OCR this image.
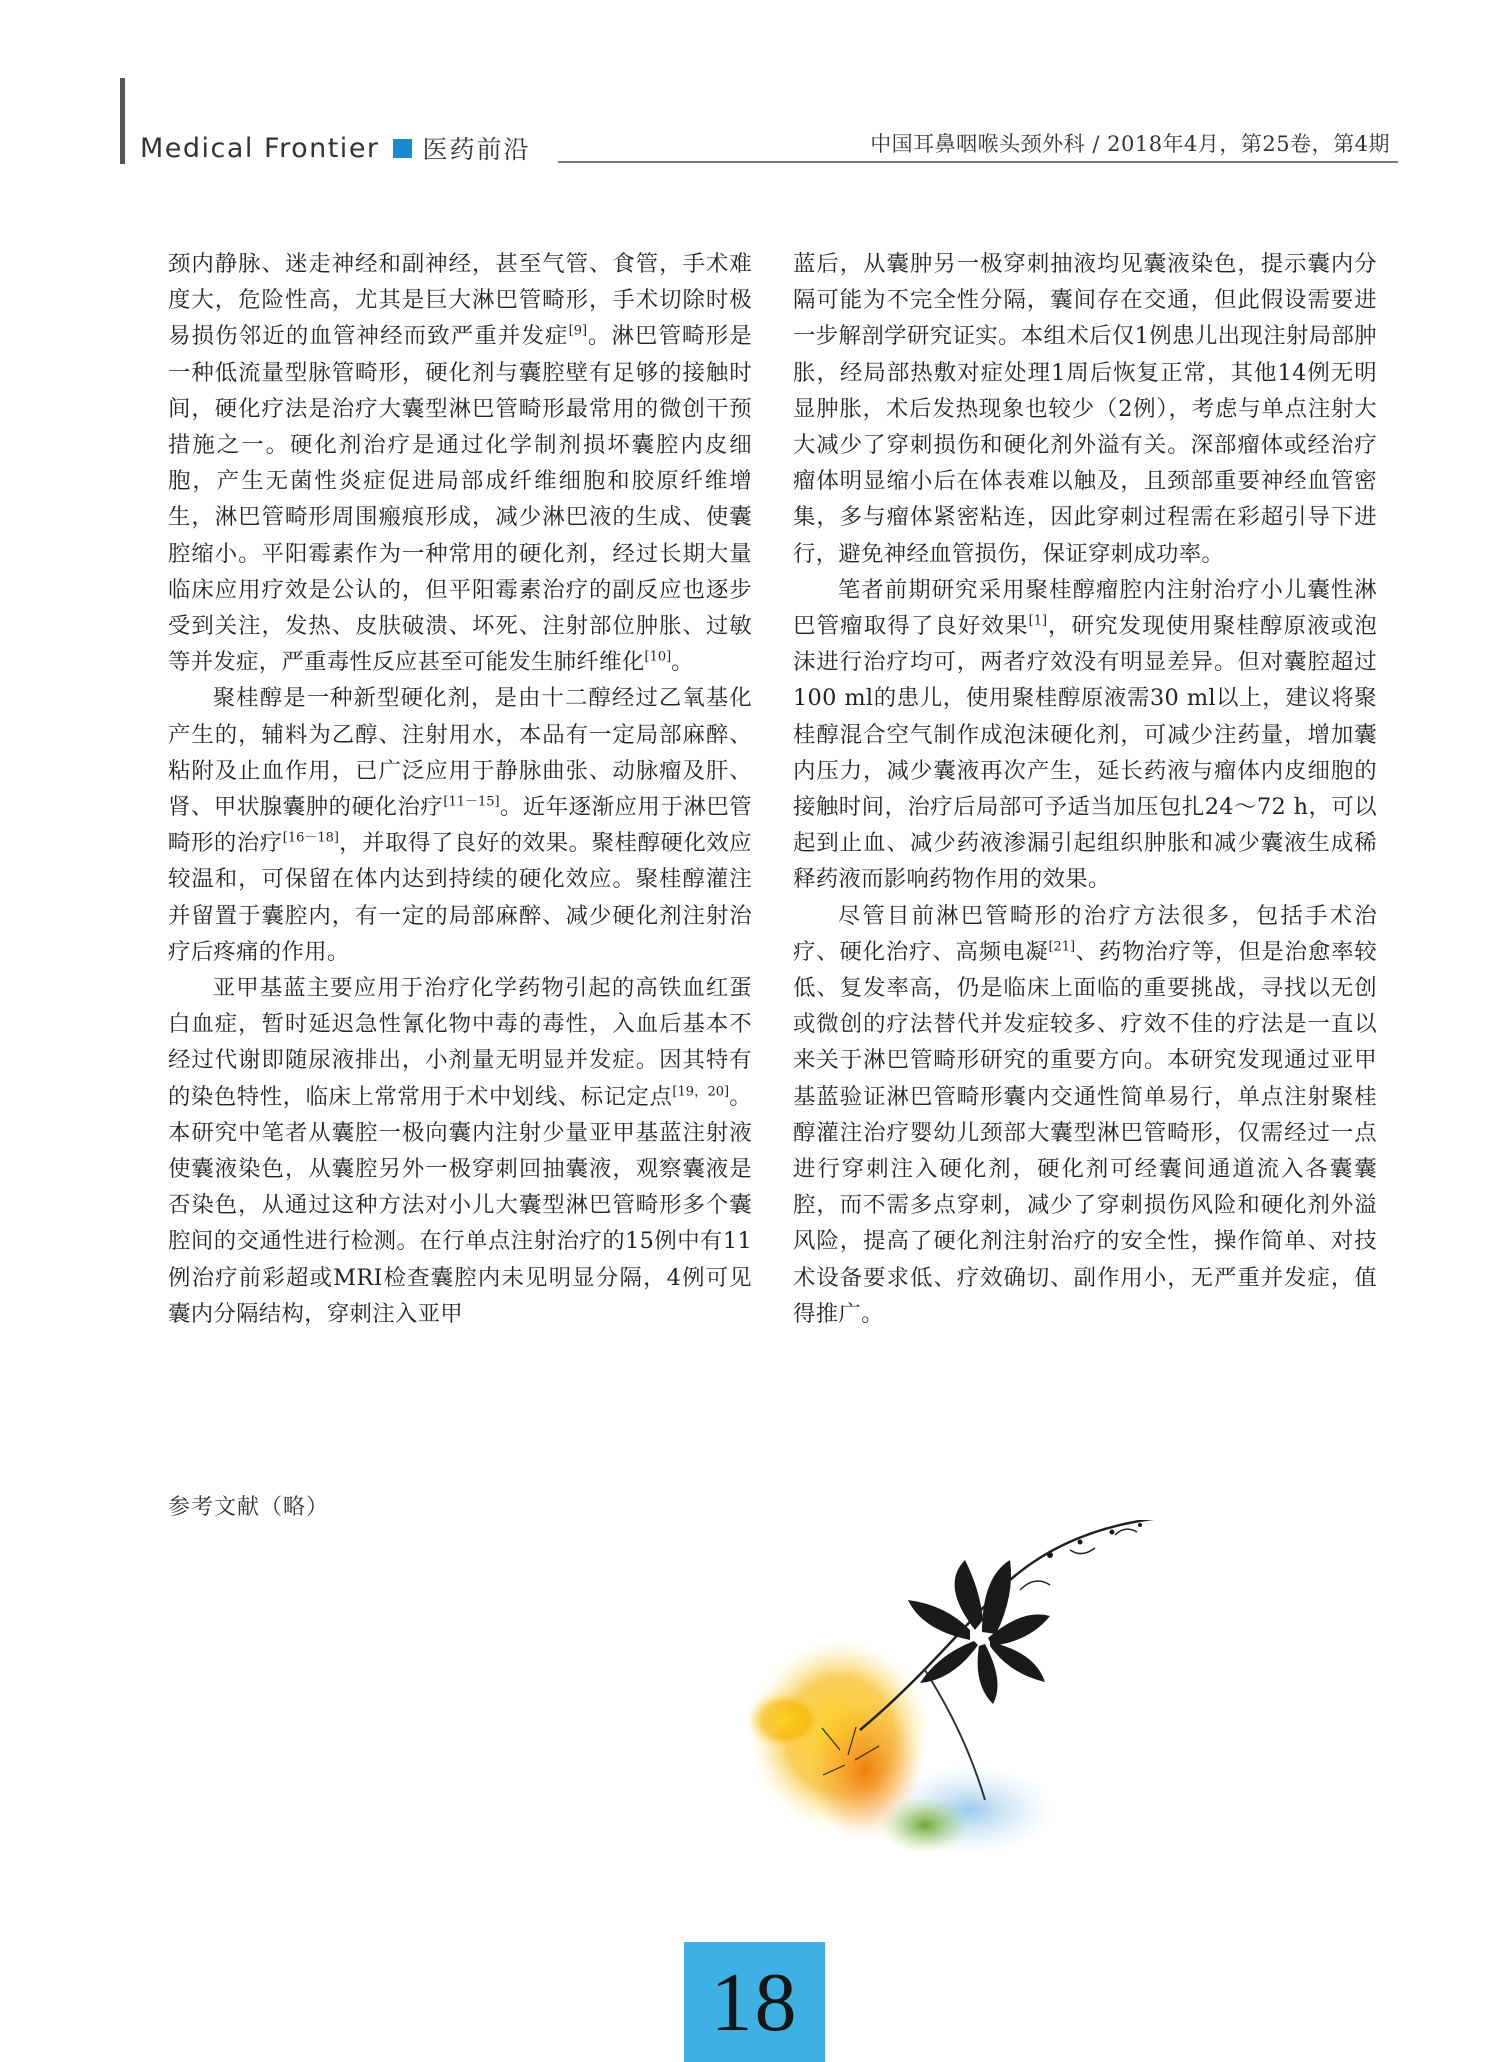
Medical Frontier 医药前沿	中国耳鼻咽喉头颈外科 / 2018年4月，第25卷，第4期

颈内静脉、迷走神经和副神经，甚至气管、食管，手术难度大，危险性高，尤其是巨大淋巴管畸形，手术切除时极易损伤邻近的血管神经而致严重并发症[9]。淋巴管畸形是一种低流量型脉管畸形，硬化剂与囊腔壁有足够的接触时间，硬化疗法是治疗大囊型淋巴管畸形最常用的微创干预措施之一。硬化剂治疗是通过化学制剂损坏囊腔内皮细胞，产生无菌性炎症促进局部成纤维细胞和胶原纤维增生，淋巴管畸形周围瘢痕形成，减少淋巴液的生成、使囊腔缩小。平阳霉素作为一种常用的硬化剂，经过长期大量临床应用疗效是公认的，但平阳霉素治疗的副反应也逐步受到关注，发热、皮肤破溃、坏死、注射部位肿胀、过敏等并发症，严重毒性反应甚至可能发生肺纤维化[10]。

聚桂醇是一种新型硬化剂，是由十二醇经过乙氧基化产生的，辅料为乙醇、注射用水，本品有一定局部麻醉、粘附及止血作用，已广泛应用于静脉曲张、动脉瘤及肝、肾、甲状腺囊肿的硬化治疗[11－15]。近年逐渐应用于淋巴管畸形的治疗[16－18]，并取得了良好的效果。聚桂醇硬化效应较温和，可保留在体内达到持续的硬化效应。聚桂醇灌注并留置于囊腔内，有一定的局部麻醉、减少硬化剂注射治疗后疼痛的作用。

亚甲基蓝主要应用于治疗化学药物引起的高铁血红蛋白血症，暂时延迟急性氰化物中毒的毒性，入血后基本不经过代谢即随尿液排出，小剂量无明显并发症。因其特有的染色特性，临床上常常用于术中划线、标记定点[19，20]。本研究中笔者从囊腔一极向囊内注射少量亚甲基蓝注射液使囊液染色，从囊腔另外一极穿刺回抽囊液，观察囊液是否染色，从通过这种方法对小儿大囊型淋巴管畸形多个囊腔间的交通性进行检测。在行单点注射治疗的15例中有11例治疗前彩超或MRI检查囊腔内未见明显分隔，4例可见囊内分隔结构，穿刺注入亚甲

蓝后，从囊肿另一极穿刺抽液均见囊液染色，提示囊内分隔可能为不完全性分隔，囊间存在交通，但此假设需要进一步解剖学研究证实。本组术后仅1例患儿出现注射局部肿胀，经局部热敷对症处理1周后恢复正常，其他14例无明显肿胀，术后发热现象也较少（2例），考虑与单点注射大大减少了穿刺损伤和硬化剂外溢有关。深部瘤体或经治疗瘤体明显缩小后在体表难以触及，且颈部重要神经血管密集，多与瘤体紧密粘连，因此穿刺过程需在彩超引导下进行，避免神经血管损伤，保证穿刺成功率。

笔者前期研究采用聚桂醇瘤腔内注射治疗小儿囊性淋巴管瘤取得了良好效果[1]，研究发现使用聚桂醇原液或泡沫进行治疗均可，两者疗效没有明显差异。但对囊腔超过100 ml的患儿，使用聚桂醇原液需30 ml以上，建议将聚桂醇混合空气制作成泡沫硬化剂，可减少注药量，增加囊内压力，减少囊液再次产生，延长药液与瘤体内皮细胞的接触时间，治疗后局部可予适当加压包扎24～72 h，可以起到止血、减少药液渗漏引起组织肿胀和减少囊液生成稀释药液而影响药物作用的效果。

尽管目前淋巴管畸形的治疗方法很多，包括手术治疗、硬化治疗、高频电凝[21]、药物治疗等，但是治愈率较低、复发率高，仍是临床上面临的重要挑战，寻找以无创或微创的疗法替代并发症较多、疗效不佳的疗法是一直以来关于淋巴管畸形研究的重要方向。本研究发现通过亚甲基蓝验证淋巴管畸形囊内交通性简单易行，单点注射聚桂醇灌注治疗婴幼儿颈部大囊型淋巴管畸形，仅需经过一点进行穿刺注入硬化剂，硬化剂可经囊间通道流入各囊囊腔，而不需多点穿刺，减少了穿刺损伤风险和硬化剂外溢风险，提高了硬化剂注射治疗的安全性，操作简单、对技术设备要求低、疗效确切、副作用小，无严重并发症，值得推广。

参考文献（略）
18
